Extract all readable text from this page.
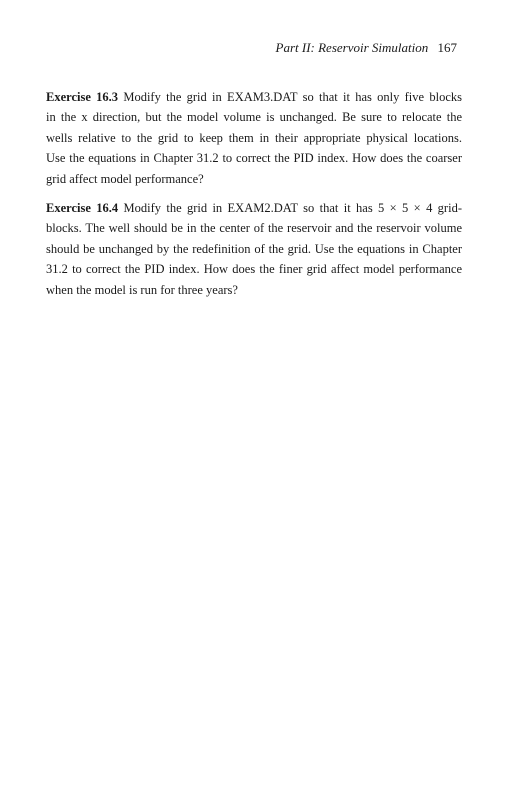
Part II: Reservoir Simulation 167
Exercise 16.3 Modify the grid in EXAM3.DAT so that it has only five blocks
in the x direction, but the model volume is unchanged. Be sure to relocate the
wells relative to the grid to keep them in their appropriate physical locations.
Use the equations in Chapter 31.2 to correct the PID index. How does the coarser
grid affect model performance?
Exercise 16.4 Modify the grid in EXAM2.DAT so that it has 5 × 5 × 4 grid-
blocks. The well should be in the center of the reservoir and the reservoir volume
should be unchanged by the redefinition of the grid. Use the equations in Chapter
31.2 to correct the PID index. How does the finer grid affect model performance
when the model is run for three years?
